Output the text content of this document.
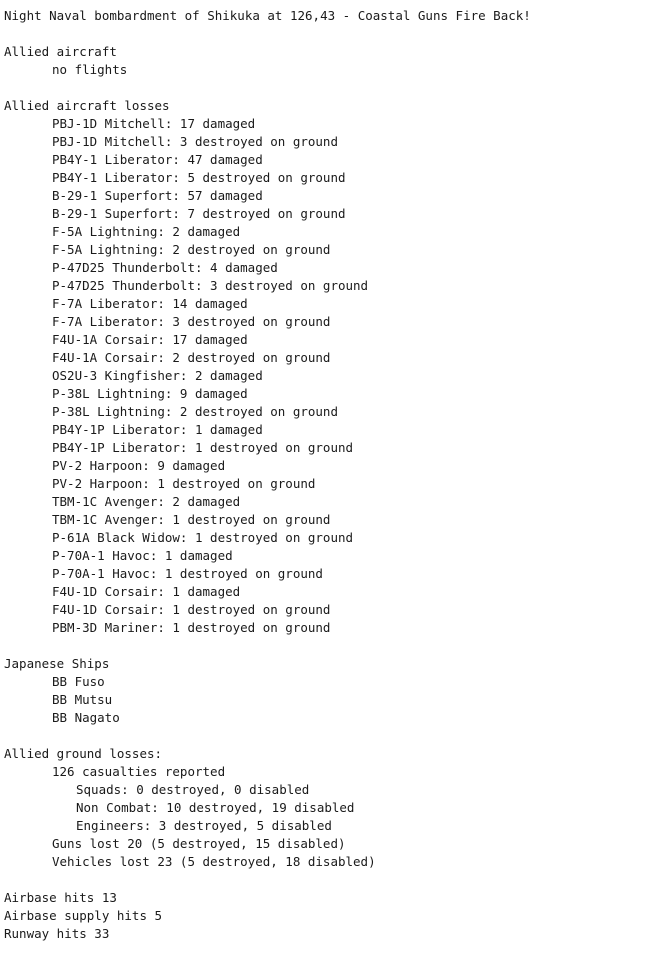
Night Naval bombardment of Shikuka at 126,43 - Coastal Guns Fire Back!
Allied aircraft
no flights
Allied aircraft losses
PBJ-1D Mitchell: 17 damaged
PBJ-1D Mitchell: 3 destroyed on ground
PB4Y-1 Liberator: 47 damaged
PB4Y-1 Liberator: 5 destroyed on ground
B-29-1 Superfort: 57 damaged
B-29-1 Superfort: 7 destroyed on ground
F-5A Lightning: 2 damaged
F-5A Lightning: 2 destroyed on ground
P-47D25 Thunderbolt: 4 damaged
P-47D25 Thunderbolt: 3 destroyed on ground
F-7A Liberator: 14 damaged
F-7A Liberator: 3 destroyed on ground
F4U-1A Corsair: 17 damaged
F4U-1A Corsair: 2 destroyed on ground
OS2U-3 Kingfisher: 2 damaged
P-38L Lightning: 9 damaged
P-38L Lightning: 2 destroyed on ground
PB4Y-1P Liberator: 1 damaged
PB4Y-1P Liberator: 1 destroyed on ground
PV-2 Harpoon: 9 damaged
PV-2 Harpoon: 1 destroyed on ground
TBM-1C Avenger: 2 damaged
TBM-1C Avenger: 1 destroyed on ground
P-61A Black Widow: 1 destroyed on ground
P-70A-1 Havoc: 1 damaged
P-70A-1 Havoc: 1 destroyed on ground
F4U-1D Corsair: 1 damaged
F4U-1D Corsair: 1 destroyed on ground
PBM-3D Mariner: 1 destroyed on ground
Japanese Ships
BB Fuso
BB Mutsu
BB Nagato
Allied ground losses:
126 casualties reported
Squads: 0 destroyed, 0 disabled
Non Combat: 10 destroyed, 19 disabled
Engineers: 3 destroyed, 5 disabled
Guns lost 20 (5 destroyed, 15 disabled)
Vehicles lost 23 (5 destroyed, 18 disabled)
Airbase hits 13
Airbase supply hits 5
Runway hits 33
